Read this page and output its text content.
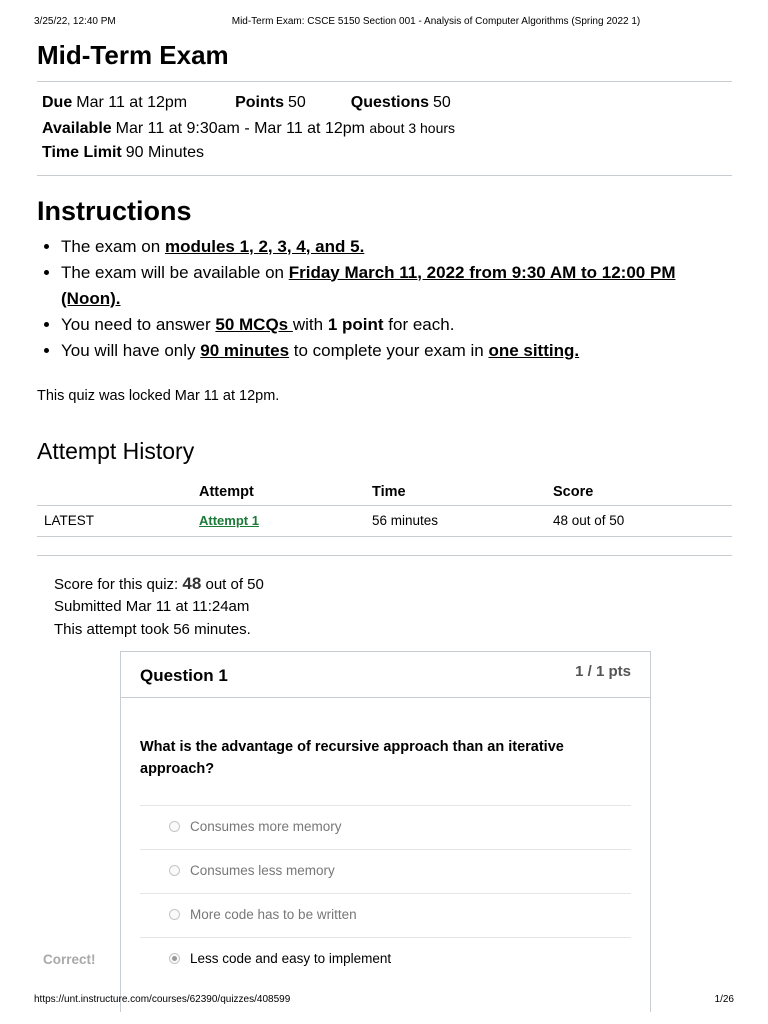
3/25/22, 12:40 PM	Mid-Term Exam: CSCE 5150 Section 001 - Analysis of Computer Algorithms (Spring 2022 1)
Mid-Term Exam
Due Mar 11 at 12pm	Points 50	Questions 50
Available Mar 11 at 9:30am - Mar 11 at 12pm about 3 hours
Time Limit 90 Minutes
Instructions
• The exam on modules 1, 2, 3, 4, and 5.
• The exam will be available on Friday March 11, 2022 from 9:30 AM to 12:00 PM (Noon).
• You need to answer 50 MCQs with 1 point for each.
• You will have only 90 minutes to complete your exam in one sitting.

This quiz was locked Mar 11 at 12pm.

Attempt History
	Attempt	Time	Score
LATEST	Attempt 1	56 minutes	48 out of 50
Score for this quiz: 48 out of 50
Submitted Mar 11 at 11:24am
This attempt took 56 minutes.
Correct!
Question 1	1 / 1 pts
What is the advantage of recursive approach than an iterative approach?
Consumes more memory
Consumes less memory
More code has to be written
Less code and easy to implement
https://unt.instructure.com/courses/62390/quizzes/408599	1/26
